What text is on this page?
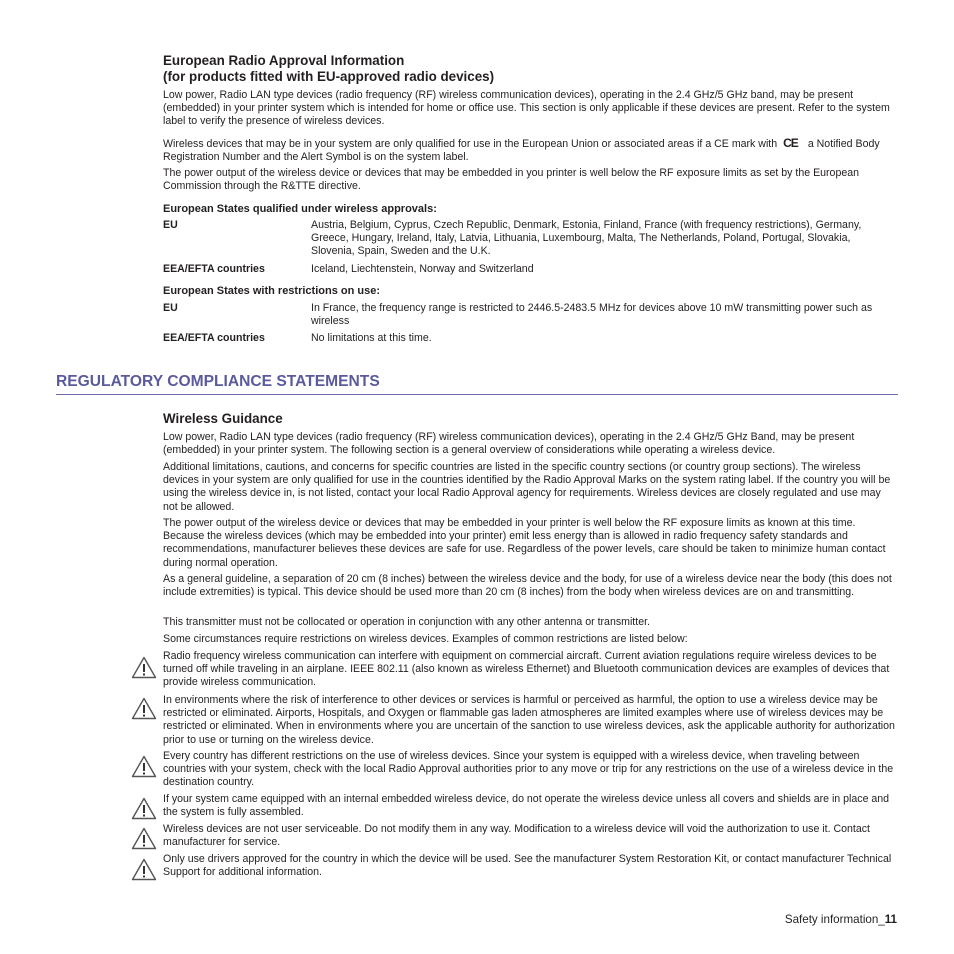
European Radio Approval Information

(for products fitted with EU-approved radio devices)

Low power, Radio LAN type devices (radio frequency (RF) wireless communication devices), operating in the 2.4 GHz/5 GHz band, may be present (embedded) in your printer system which is intended for home or office use. This section is only applicable if these devices are present. Refer to the system label to verify the presence of wireless devices.

Wireless devices that may be in your system are only qualified for use in the European Union or associated areas if a CE mark with CE a Notified Body Registration Number and the Alert Symbol is on the system label.

The power output of the wireless device or devices that may be embedded in you printer is well below the RF exposure limits as set by the European Commission through the R&TTE directive.

European States qualified under wireless approvals:

EU	Austria, Belgium, Cyprus, Czech Republic, Denmark, Estonia, Finland, France (with frequency restrictions), Germany, Greece, Hungary, Ireland, Italy, Latvia, Lithuania, Luxembourg, Malta, The Netherlands, Poland, Portugal, Slovakia, Slovenia, Spain, Sweden and the U.K.
EEA/EFTA countries	Iceland, Liechtenstein, Norway and Switzerland

European States with restrictions on use:

EU	In France, the frequency range is restricted to 2446.5-2483.5 MHz for devices above 10 mW transmitting power such as wireless
EEA/EFTA countries	No limitations at this time.
REGULATORY COMPLIANCE STATEMENTS

Wireless Guidance

Low power, Radio LAN type devices (radio frequency (RF) wireless communication devices), operating in the 2.4 GHz/5 GHz Band, may be present (embedded) in your printer system. The following section is a general overview of considerations while operating a wireless device.

Additional limitations, cautions, and concerns for specific countries are listed in the specific country sections (or country group sections). The wireless devices in your system are only qualified for use in the countries identified by the Radio Approval Marks on the system rating label. If the country you will be using the wireless device in, is not listed, contact your local Radio Approval agency for requirements. Wireless devices are closely regulated and use may not be allowed.

The power output of the wireless device or devices that may be embedded in your printer is well below the RF exposure limits as known at this time. Because the wireless devices (which may be embedded into your printer) emit less energy than is allowed in radio frequency safety standards and recommendations, manufacturer believes these devices are safe for use. Regardless of the power levels, care should be taken to minimize human contact during normal operation.

As a general guideline, a separation of 20 cm (8 inches) between the wireless device and the body, for use of a wireless device near the body (this does not include extremities) is typical. This device should be used more than 20 cm (8 inches) from the body when wireless devices are on and transmitting.

This transmitter must not be collocated or operation in conjunction with any other antenna or transmitter.

Some circumstances require restrictions on wireless devices. Examples of common restrictions are listed below:

Radio frequency wireless communication can interfere with equipment on commercial aircraft. Current aviation regulations require wireless devices to be turned off while traveling in an airplane. IEEE 802.11 (also known as wireless Ethernet) and Bluetooth communication devices are examples of devices that provide wireless communication.
In environments where the risk of interference to other devices or services is harmful or perceived as harmful, the option to use a wireless device may be restricted or eliminated. Airports, Hospitals, and Oxygen or flammable gas laden atmospheres are limited examples where use of wireless devices may be restricted or eliminated. When in environments where you are uncertain of the sanction to use wireless devices, ask the applicable authority for authorization prior to use or turning on the wireless device.
Every country has different restrictions on the use of wireless devices. Since your system is equipped with a wireless device, when traveling between countries with your system, check with the local Radio Approval authorities prior to any move or trip for any restrictions on the use of a wireless device in the destination country.
If your system came equipped with an internal embedded wireless device, do not operate the wireless device unless all covers and shields are in place and the system is fully assembled.
Wireless devices are not user serviceable. Do not modify them in any way. Modification to a wireless device will void the authorization to use it. Contact manufacturer for service.
Only use drivers approved for the country in which the device will be used. See the manufacturer System Restoration Kit, or contact manufacturer Technical Support for additional information.
Safety information_11
